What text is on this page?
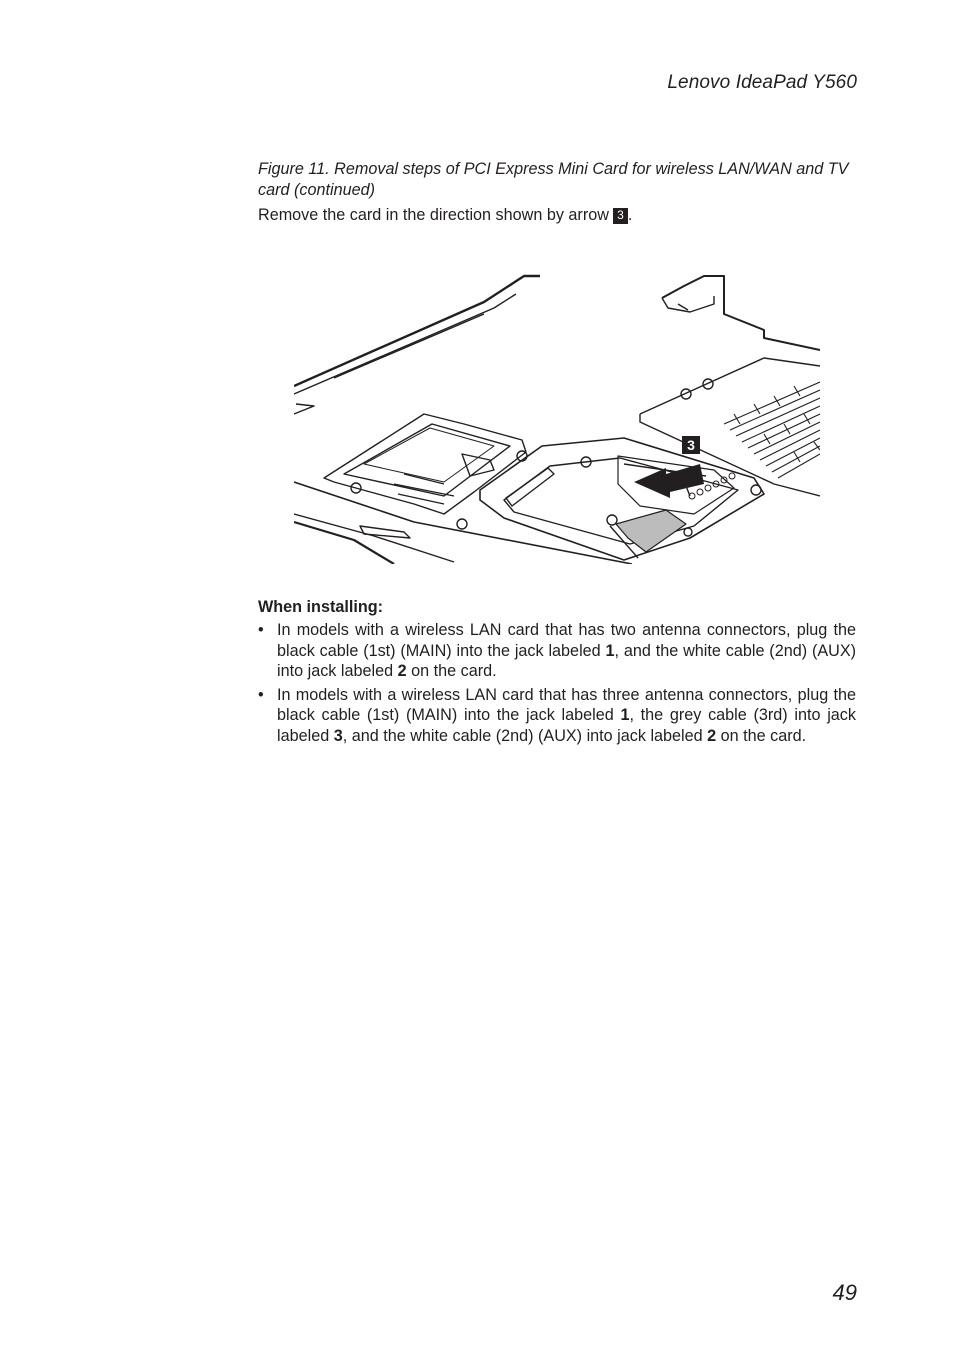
Lenovo IdeaPad Y560
Figure 11. Removal steps of PCI Express Mini Card for wireless LAN/WAN and TV card (continued)
Remove the card in the direction shown by arrow 3 .
3
When installing:
• In models with a wireless LAN card that has two antenna connectors, plug the black cable (1st) (MAIN) into the jack labeled 1, and the white cable (2nd) (AUX) into jack labeled 2 on the card.
• In models with a wireless LAN card that has three antenna connectors, plug the black cable (1st) (MAIN) into the jack labeled 1, the grey cable (3rd) into jack labeled 3, and the white cable (2nd) (AUX) into jack labeled 2 on the card.
49
